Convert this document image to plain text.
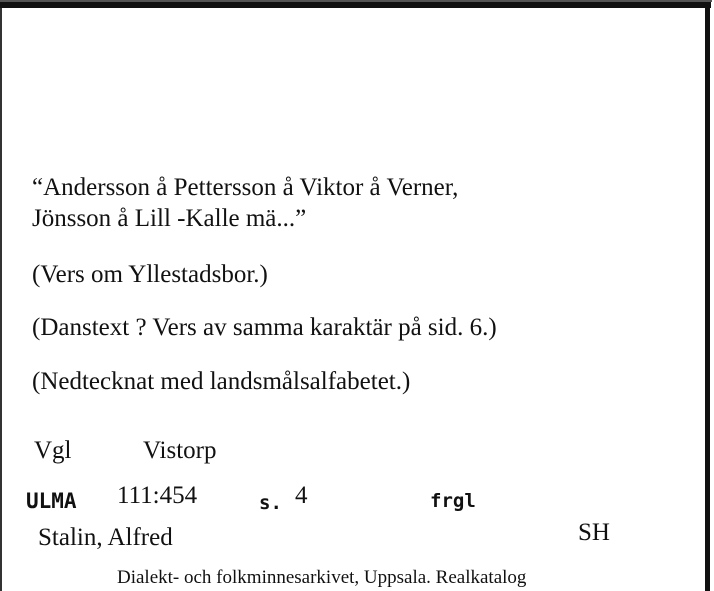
“Andersson å Pettersson å Viktor å Verner,
Jönsson å Lill -Kalle mä...”
(Vers om Yllestadsbor.)
(Danstext ? Vers av samma karaktär på sid. 6.)
(Nedtecknat med landsmålsalfabetet.)
Vgl	Vistorp
ULMA 111:454	s. 4	frgl
Stalin, Alfred	SH
Dialekt- och folkminnesarkivet, Uppsala. Realkatalog
